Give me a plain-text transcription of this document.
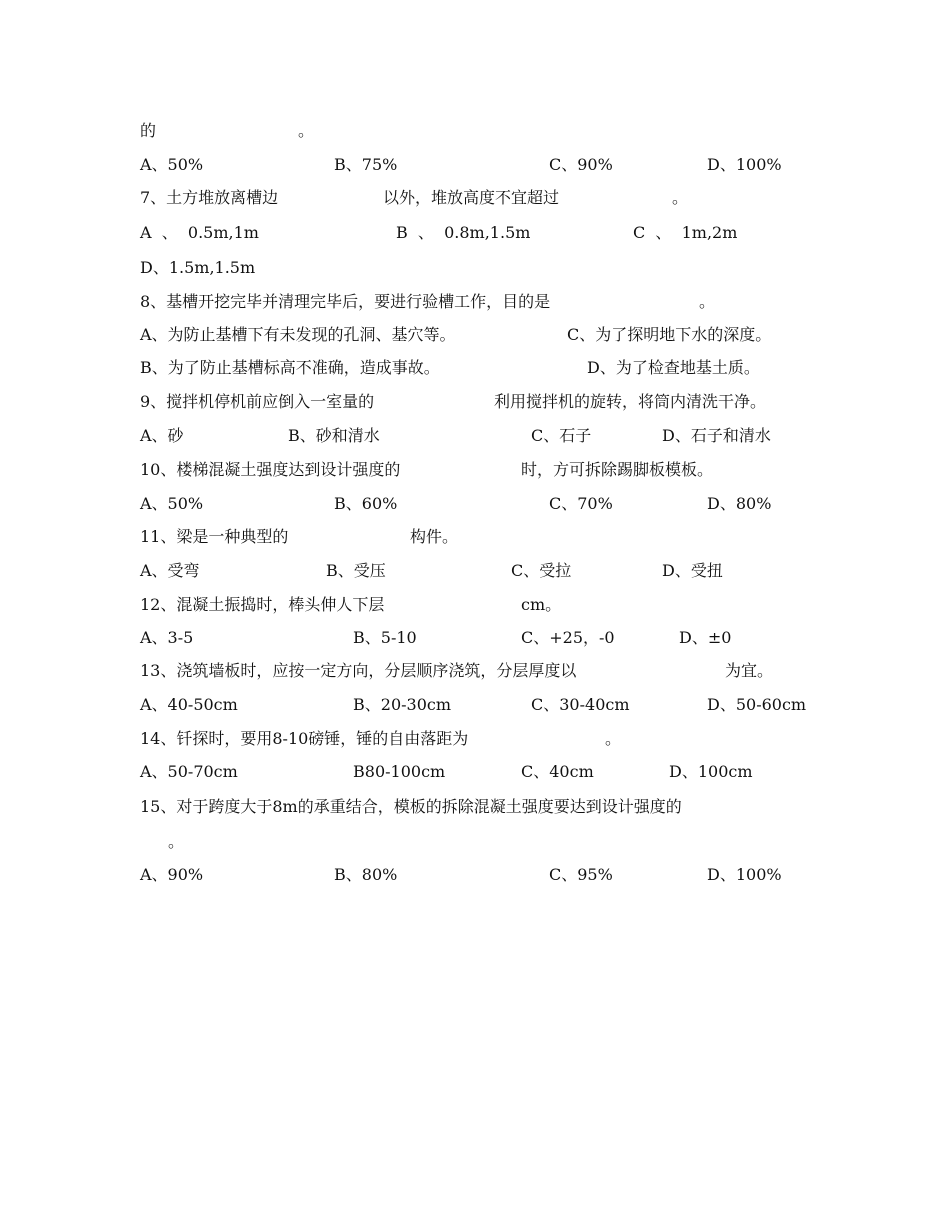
的	。
A、50%	B、75%	C、90%	D、100%
7、土方堆放离槽边	以外，堆放高度不宜超过	。
A  、  0.5m,1m	B  、  0.8m,1.5m	C  、  1m,2m
D、1.5m,1.5m
8、基槽开挖完毕并清理完毕后，要进行验槽工作，目的是	。
A、为防止基槽下有未发现的孔洞、基穴等。	C、为了探明地下水的深度。
B、为了防止基槽标高不准确，造成事故。	D、为了检查地基土质。
9、搅拌机停机前应倒入一室量的	利用搅拌机的旋转，将筒内清洗干净。
A、砂	B、砂和清水	C、石子	D、石子和清水
10、楼梯混凝土强度达到设计强度的	时，方可拆除踢脚板模板。
A、50%	B、60%	C、70%	D、80%
11、梁是一种典型的	构件。
A、受弯	B、受压	C、受拉	D、受扭
12、混凝土振捣时，棒头伸人下层	cm。
A、3-5	B、5-10	C、+25，-0	D、±0
13、浇筑墙板时，应按一定方向，分层顺序浇筑，分层厚度以	为宜。
A、40-50cm	B、20-30cm	C、30-40cm	D、50-60cm
14、钎探时，要用8-10磅锤，锤的自由落距为	。
A、50-70cm	B80-100cm	C、40cm	D、100cm
15、对于跨度大于8m的承重结合，模板的拆除混凝土强度要达到设计强度的
。
A、90%	B、80%	C、95%	D、100%
